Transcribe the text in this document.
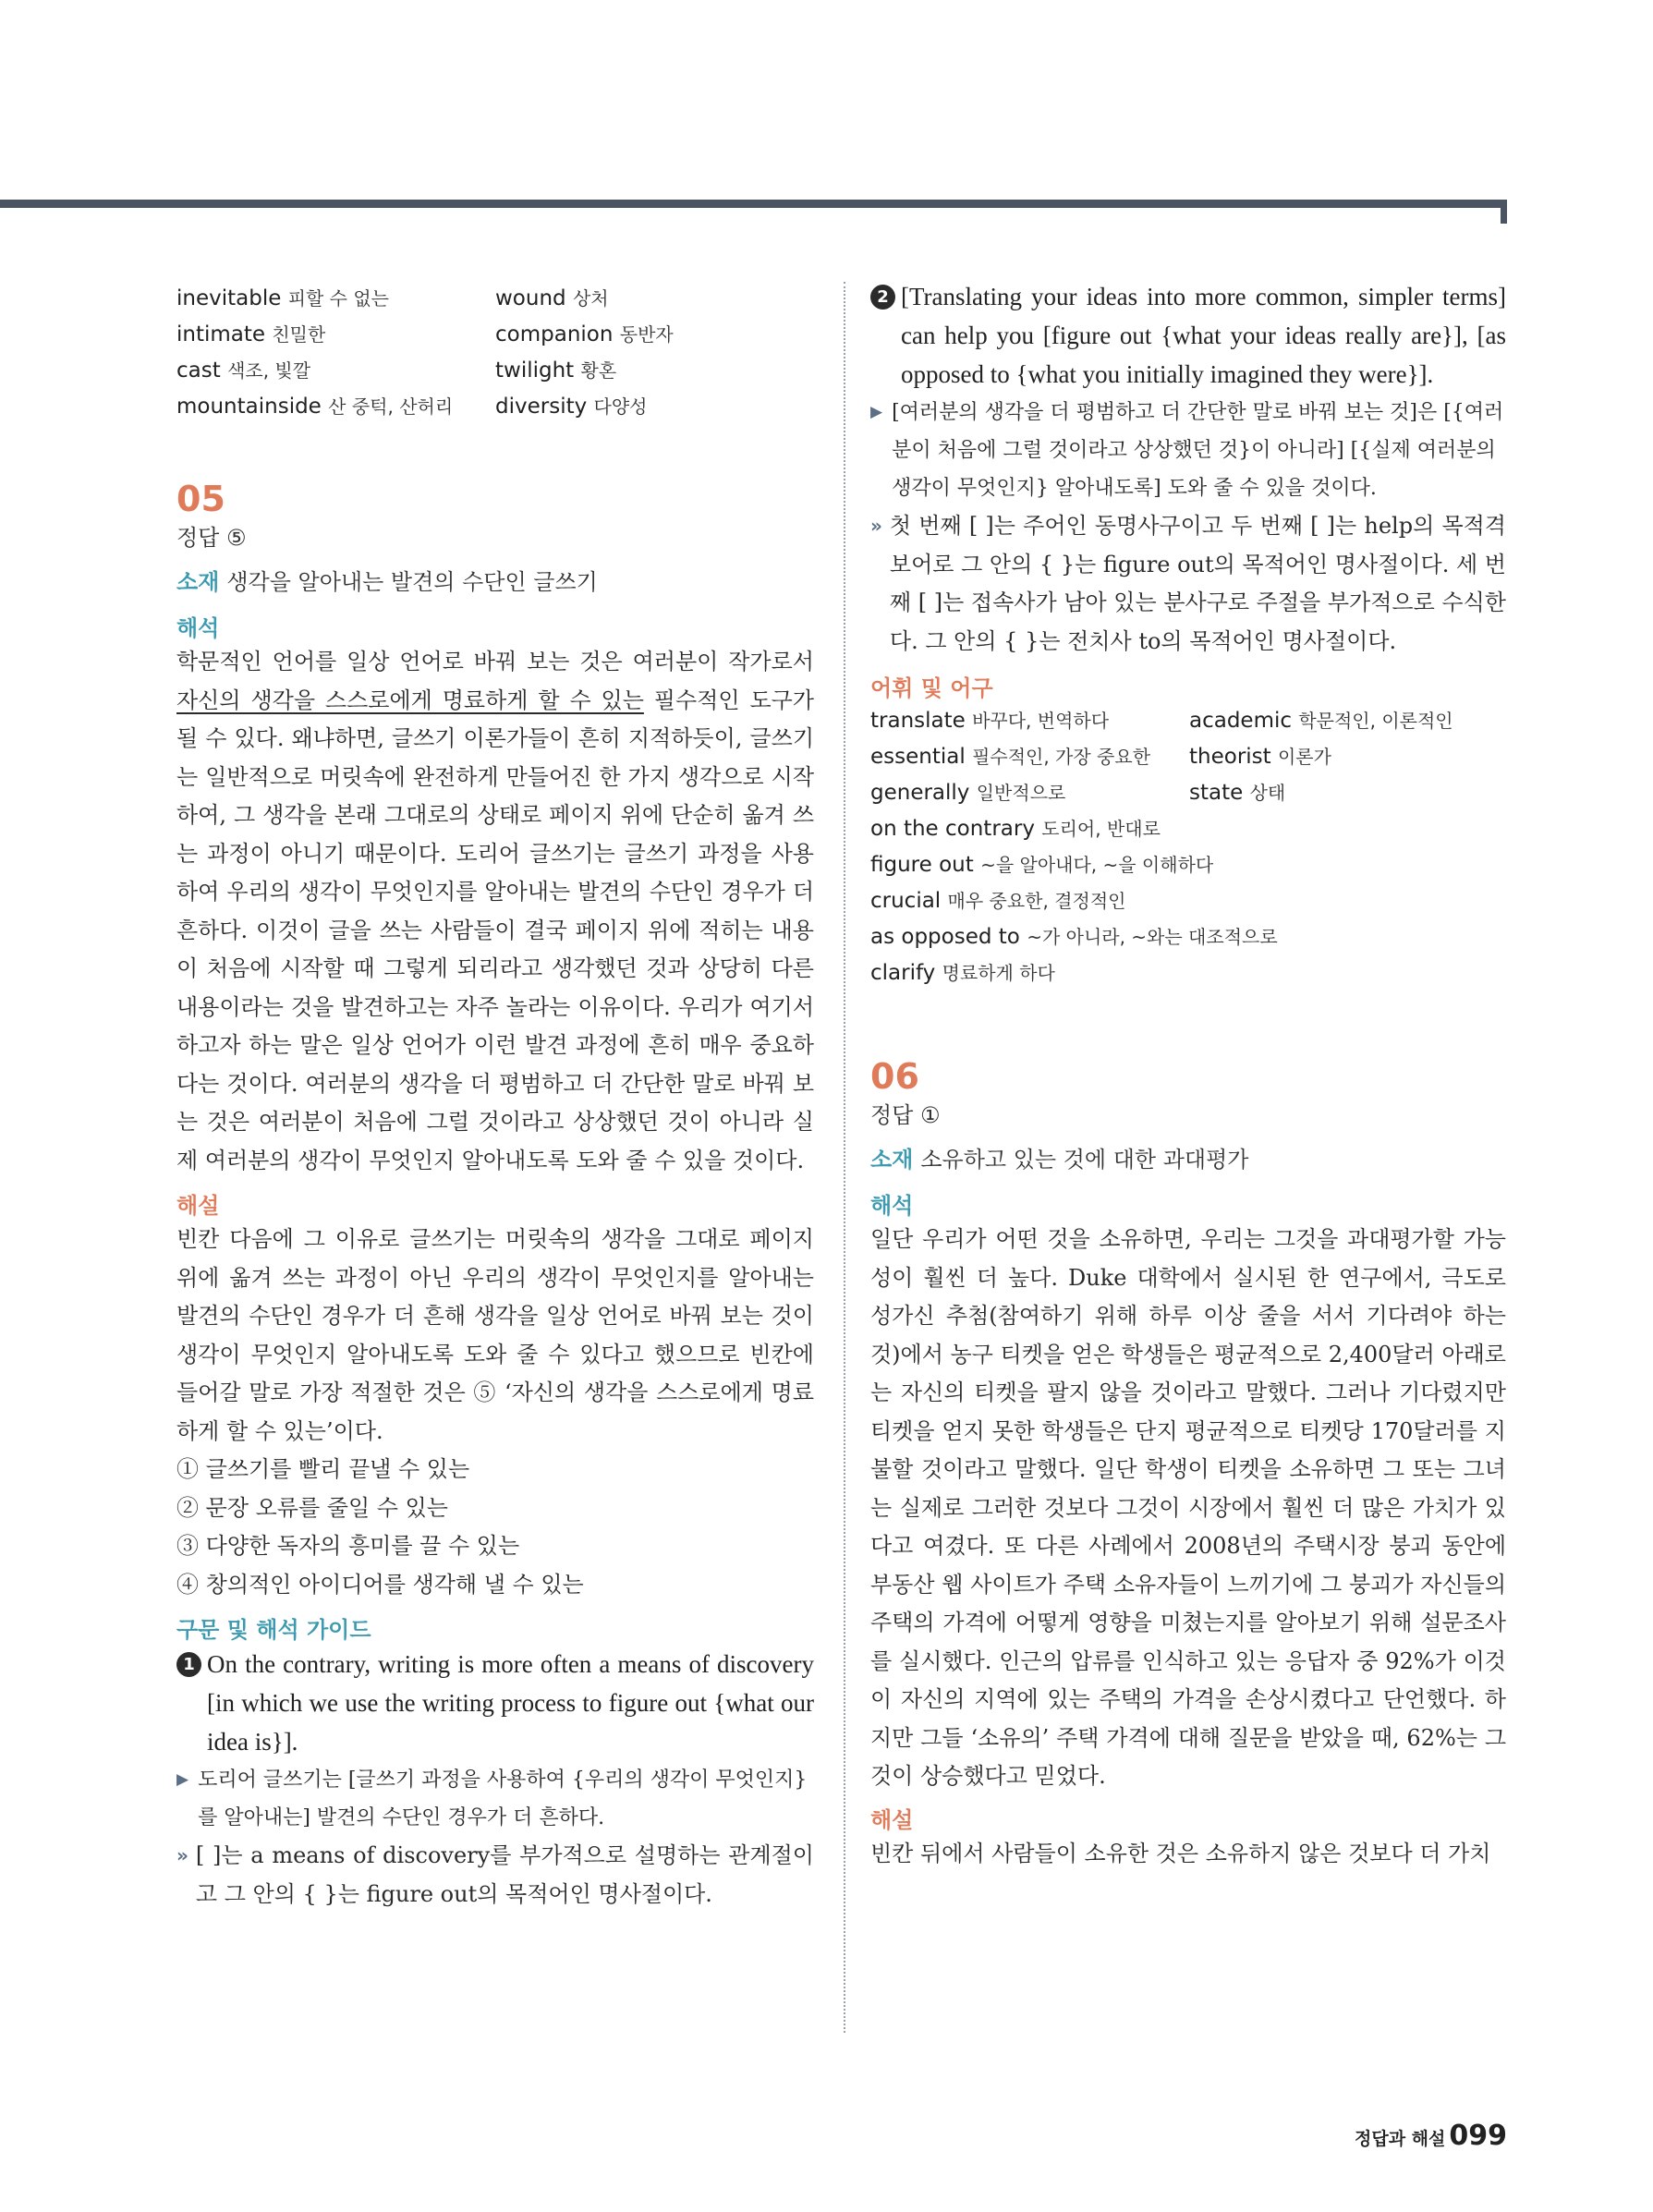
inevitable 피할 수 없는	wound 상처
intimate 친밀한	companion 동반자
cast 색조, 빛깔	twilight 황혼
mountainside 산 중턱, 산허리	diversity 다양성
05
정답 ⑤
소재 생각을 알아내는 발견의 수단인 글쓰기
해석
학문적인 언어를 일상 언어로 바꿔 보는 것은 여러분이 작가로서 자신의 생각을 스스로에게 명료하게 할 수 있는 필수적인 도구가 될 수 있다. 왜냐하면, 글쓰기 이론가들이 흔히 지적하듯이, 글쓰기는 일반적으로 머릿속에 완전하게 만들어진 한 가지 생각으로 시작하여, 그 생각을 본래 그대로의 상태로 페이지 위에 단순히 옮겨 쓰는 과정이 아니기 때문이다. 도리어 글쓰기는 글쓰기 과정을 사용하여 우리의 생각이 무엇인지를 알아내는 발견의 수단인 경우가 더 흔하다. 이것이 글을 쓰는 사람들이 결국 페이지 위에 적히는 내용이 처음에 시작할 때 그렇게 되리라고 생각했던 것과 상당히 다른 내용이라는 것을 발견하고는 자주 놀라는 이유이다. 우리가 여기서 하고자 하는 말은 일상 언어가 이런 발견 과정에 흔히 매우 중요하다는 것이다. 여러분의 생각을 더 평범하고 더 간단한 말로 바꿔 보는 것은 여러분이 처음에 그럴 것이라고 상상했던 것이 아니라 실제 여러분의 생각이 무엇인지 알아내도록 도와 줄 수 있을 것이다.
해설
빈칸 다음에 그 이유로 글쓰기는 머릿속의 생각을 그대로 페이지 위에 옮겨 쓰는 과정이 아닌 우리의 생각이 무엇인지를 알아내는 발견의 수단인 경우가 더 흔해 생각을 일상 언어로 바꿔 보는 것이 생각이 무엇인지 알아내도록 도와 줄 수 있다고 했으므로 빈칸에 들어갈 말로 가장 적절한 것은 ⑤ ‘자신의 생각을 스스로에게 명료하게 할 수 있는’이다.
① 글쓰기를 빨리 끝낼 수 있는
② 문장 오류를 줄일 수 있는
③ 다양한 독자의 흥미를 끌 수 있는
④ 창의적인 아이디어를 생각해 낼 수 있는
구문 및 해석 가이드
1 On the contrary, writing is more often a means of discovery [in which we use the writing process to figure out {what our idea is}].
▶ 도리어 글쓰기는 [글쓰기 과정을 사용하여 {우리의 생각이 무엇인지}를 알아내는] 발견의 수단인 경우가 더 흔하다.
» [ ]는 a means of discovery를 부가적으로 설명하는 관계절이고 그 안의 { }는 figure out의 목적어인 명사절이다.
2 [Translating your ideas into more common, simpler terms] can help you [figure out {what your ideas really are}], [as opposed to {what you initially imagined they were}].
▶ [여러분의 생각을 더 평범하고 더 간단한 말로 바꿔 보는 것]은 [{여러분이 처음에 그럴 것이라고 상상했던 것}이 아니라] [{실제 여러분의 생각이 무엇인지} 알아내도록] 도와 줄 수 있을 것이다.
» 첫 번째 [ ]는 주어인 동명사구이고 두 번째 [ ]는 help의 목적격 보어로 그 안의 { }는 figure out의 목적어인 명사절이다. 세 번째 [ ]는 접속사가 남아 있는 분사구로 주절을 부가적으로 수식한다. 그 안의 { }는 전치사 to의 목적어인 명사절이다.
어휘 및 어구
translate 바꾸다, 번역하다	academic 학문적인, 이론적인
essential 필수적인, 가장 중요한	theorist 이론가
generally 일반적으로	state 상태
on the contrary 도리어, 반대로
figure out ~을 알아내다, ~을 이해하다
crucial 매우 중요한, 결정적인
as opposed to ~가 아니라, ~와는 대조적으로
clarify 명료하게 하다
06
정답 ①
소재 소유하고 있는 것에 대한 과대평가
해석
일단 우리가 어떤 것을 소유하면, 우리는 그것을 과대평가할 가능성이 훨씬 더 높다. Duke 대학에서 실시된 한 연구에서, 극도로 성가신 추첨(참여하기 위해 하루 이상 줄을 서서 기다려야 하는 것)에서 농구 티켓을 얻은 학생들은 평균적으로 2,400달러 아래로는 자신의 티켓을 팔지 않을 것이라고 말했다. 그러나 기다렸지만 티켓을 얻지 못한 학생들은 단지 평균적으로 티켓당 170달러를 지불할 것이라고 말했다. 일단 학생이 티켓을 소유하면 그 또는 그녀는 실제로 그러한 것보다 그것이 시장에서 훨씬 더 많은 가치가 있다고 여겼다. 또 다른 사례에서 2008년의 주택시장 붕괴 동안에 부동산 웹 사이트가 주택 소유자들이 느끼기에 그 붕괴가 자신들의 주택의 가격에 어떻게 영향을 미쳤는지를 알아보기 위해 설문조사를 실시했다. 인근의 압류를 인식하고 있는 응답자 중 92%가 이것이 자신의 지역에 있는 주택의 가격을 손상시켰다고 단언했다. 하지만 그들 ‘소유의’ 주택 가격에 대해 질문을 받았을 때, 62%는 그것이 상승했다고 믿었다.
해설
빈칸 뒤에서 사람들이 소유한 것은 소유하지 않은 것보다 더 가치
정답과 해설 099
